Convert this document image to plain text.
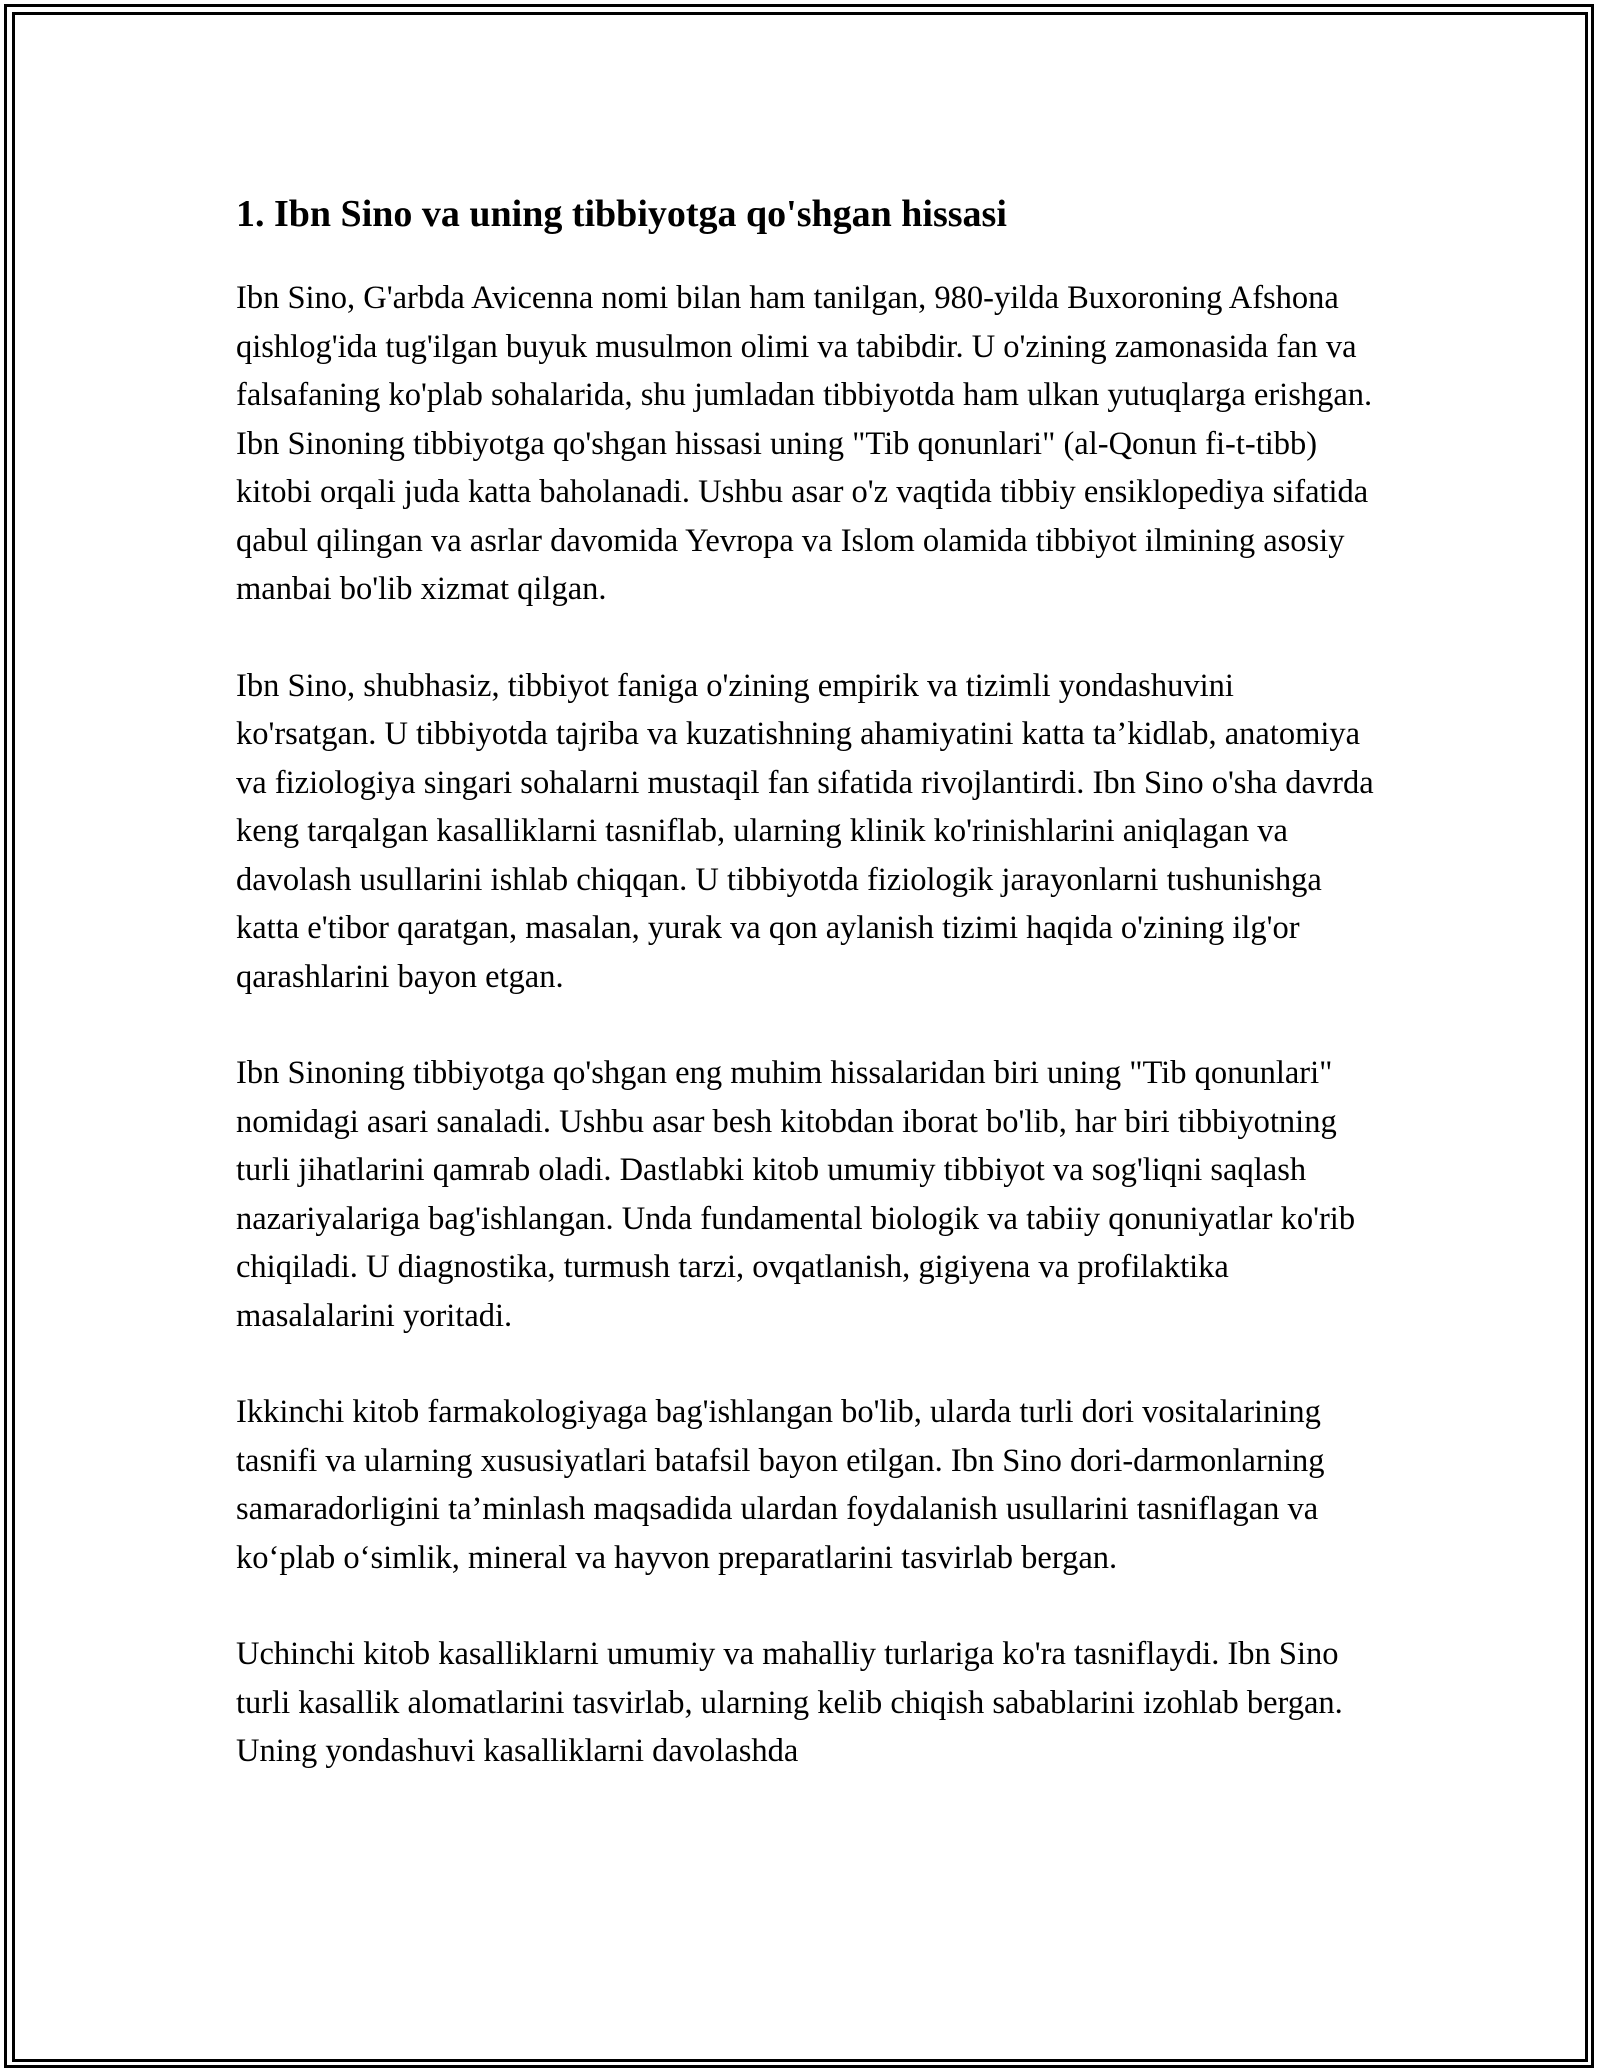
1. Ibn Sino va uning tibbiyotga qo'shgan hissasi

Ibn Sino, G'arbda Avicenna nomi bilan ham tanilgan, 980-yilda Buxoroning Afshona qishlog'ida tug'ilgan buyuk musulmon olimi va tabibdir. U o'zining zamonasida fan va falsafaning ko'plab sohalarida, shu jumladan tibbiyotda ham ulkan yutuqlarga erishgan. Ibn Sinoning tibbiyotga qo'shgan hissasi uning "Tib qonunlari" (al-Qonun fi-t-tibb) kitobi orqali juda katta baholanadi. Ushbu asar o'z vaqtida tibbiy ensiklopediya sifatida qabul qilingan va asrlar davomida Yevropa va Islom olamida tibbiyot ilmining asosiy manbai bo'lib xizmat qilgan.

Ibn Sino, shubhasiz, tibbiyot faniga o'zining empirik va tizimli yondashuvini ko'rsatgan. U tibbiyotda tajriba va kuzatishning ahamiyatini katta ta’kidlab, anatomiya va fiziologiya singari sohalarni mustaqil fan sifatida rivojlantirdi. Ibn Sino o'sha davrda keng tarqalgan kasalliklarni tasniflab, ularning klinik ko'rinishlarini aniqlagan va davolash usullarini ishlab chiqqan. U tibbiyotda fiziologik jarayonlarni tushunishga katta e'tibor qaratgan, masalan, yurak va qon aylanish tizimi haqida o'zining ilg'or qarashlarini bayon etgan.

Ibn Sinoning tibbiyotga qo'shgan eng muhim hissalaridan biri uning "Tib qonunlari" nomidagi asari sanaladi. Ushbu asar besh kitobdan iborat bo'lib, har biri tibbiyotning turli jihatlarini qamrab oladi. Dastlabki kitob umumiy tibbiyot va sog'liqni saqlash nazariyalariga bag'ishlangan. Unda fundamental biologik va tabiiy qonuniyatlar ko'rib chiqiladi. U diagnostika, turmush tarzi, ovqatlanish, gigiyena va profilaktika masalalarini yoritadi.

Ikkinchi kitob farmakologiyaga bag'ishlangan bo'lib, ularda turli dori vositalarining tasnifi va ularning xususiyatlari batafsil bayon etilgan. Ibn Sino dori-darmonlarning samaradorligini ta’minlash maqsadida ulardan foydalanish usullarini tasniflagan va ko‘plab o‘simlik, mineral va hayvon preparatlarini tasvirlab bergan.

Uchinchi kitob kasalliklarni umumiy va mahalliy turlariga ko'ra tasniflaydi. Ibn Sino turli kasallik alomatlarini tasvirlab, ularning kelib chiqish sabablarini izohlab bergan. Uning yondashuvi kasalliklarni davolashda
